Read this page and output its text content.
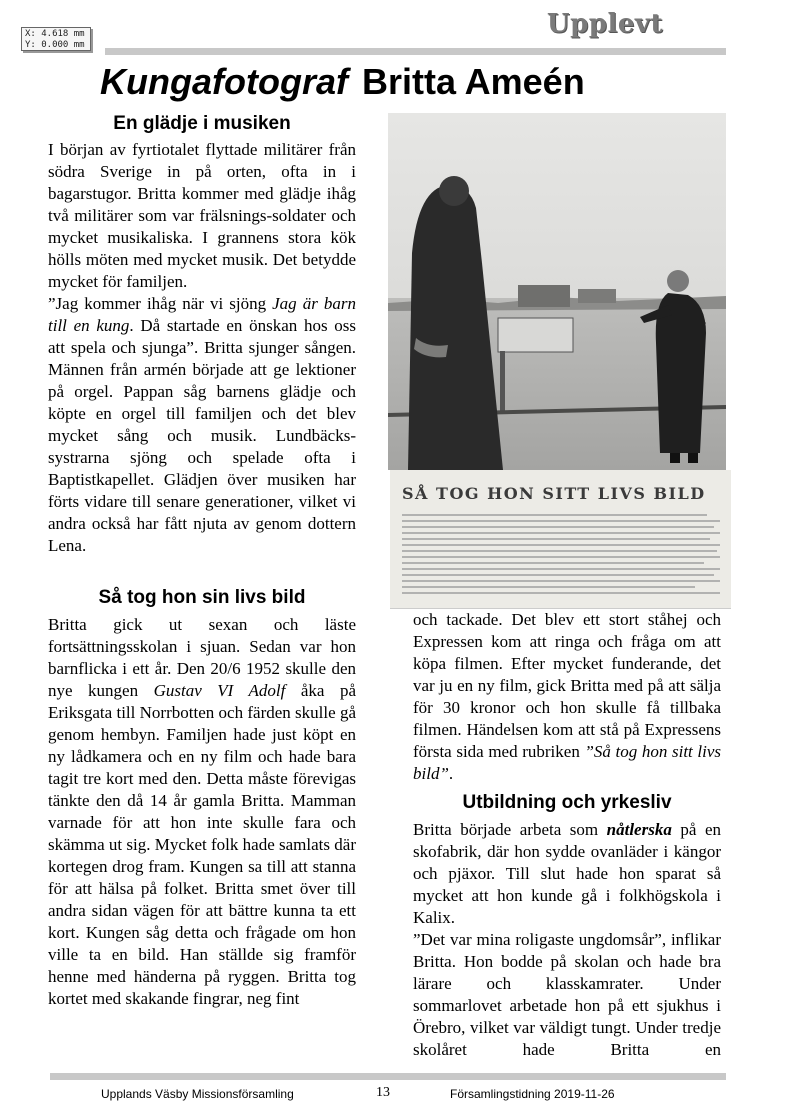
X: 4.618 mm
Y: 0.000 mm
Upplevt
Kungafotograf Britta Ameén
En glädje i musiken

I början av fyrtiotalet flyttade militärer från södra Sverige in på orten, ofta in i bagarstugor. Britta kommer med glädje ihåg två militärer som var frälsnings-soldater och mycket musikaliska. I grannens stora kök hölls möten med mycket musik. Det betydde mycket för familjen.

”Jag kommer ihåg när vi sjöng Jag är barn till en kung. Då startade en önskan hos oss att spela och sjunga”. Britta sjunger sången. Männen från armén började att ge lektioner på orgel. Pappan såg barnens glädje och köpte en orgel till familjen och det blev mycket sång och musik. Lundbäcks-systrarna sjöng och spelade ofta i Baptistkapellet. Glädjen över musiken har förts vidare till senare generationer, vilket vi andra också har fått njuta av genom dottern Lena.

Så tog hon sin livs bild

Britta gick ut sexan och läste fortsättningsskolan i sjuan. Sedan var hon barnflicka i ett år. Den 20/6 1952 skulle den nye kungen Gustav VI Adolf åka på Eriksgata till Norrbotten och färden skulle gå genom hembyn. Familjen hade just köpt en ny lådkamera och en ny film och hade bara tagit tre kort med den. Detta måste förevigas tänkte den då 14 år gamla Britta. Mamman varnade för att hon inte skulle fara och skämma ut sig. Mycket folk hade samlats där kortegen drog fram. Kungen sa till att stanna för att hälsa på folket. Britta smet över till andra sidan vägen för att bättre kunna ta ett kort. Kungen såg detta och frågade om hon ville ta en bild. Han ställde sig framför henne med händerna på ryggen. Britta tog kortet med skakande fingrar, neg fint

SÅ TOG HON SITT LIVS BILD

och tackade. Det blev ett stort ståhej och Expressen kom att ringa och fråga om att köpa filmen. Efter mycket funderande, det var ju en ny film, gick Britta med på att sälja för 30 kronor och hon skulle få tillbaka filmen. Händelsen kom att stå på Expressens första sida med rubriken ”Så tog hon sitt livs bild”.

Utbildning och yrkesliv

Britta började arbeta som nåtlerska på en skofabrik, där hon sydde ovanläder i kängor och pjäxor. Till slut hade hon sparat så mycket att hon kunde gå i folkhögskola i Kalix.

”Det var mina roligaste ungdomsår”, inflikar Britta. Hon bodde på skolan och hade bra lärare och klasskamrater. Under sommarlovet arbetade hon på ett sjukhus i Örebro, vilket var väldigt tungt. Under tredje skolåret hade Britta en

Upplands Väsby Missionsförsamling	13	Församlingstidning 2019-11-26
